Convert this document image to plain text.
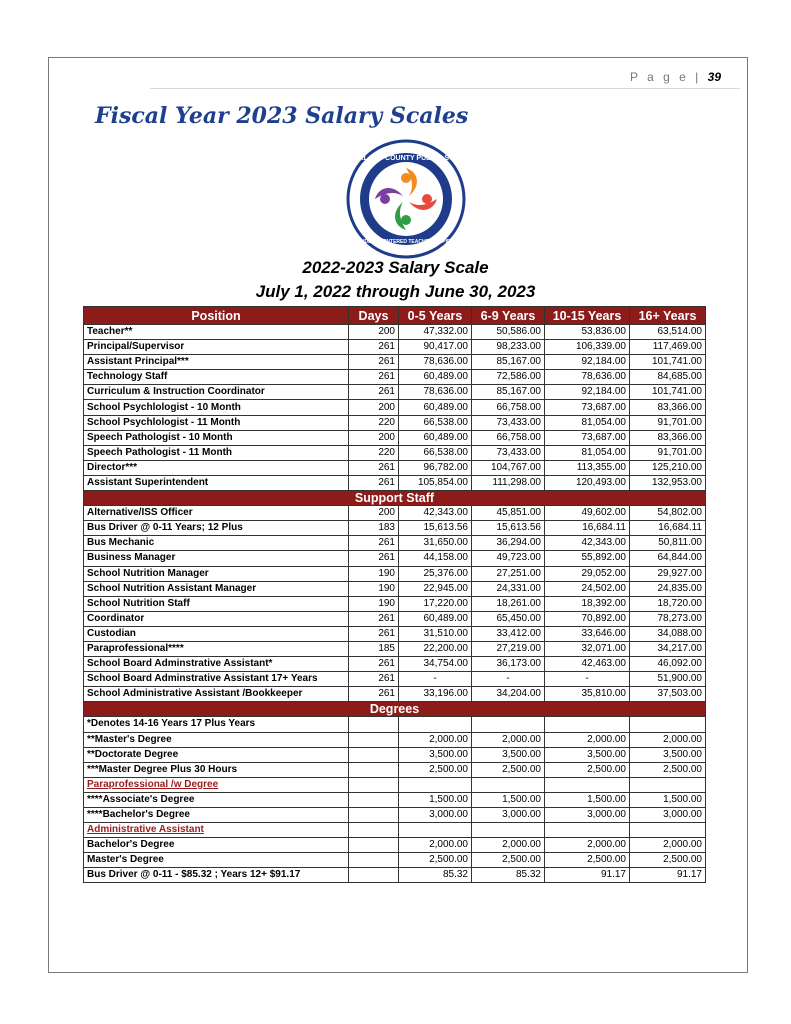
P a g e | 39
Fiscal Year 2023 Salary Scales
CUMBERLAND COUNTY PUBLIC SCHOOLS
STUDENT CENTERED TEACHER INSPIRED
2022-2023 Salary Scale
July 1, 2022 through June 30, 2023
Position	Days	0-5 Years	6-9 Years	10-15 Years	16+ Years
Teacher**	200	47,332.00	50,586.00	53,836.00	63,514.00
Principal/Supervisor	261	90,417.00	98,233.00	106,339.00	117,469.00
Assistant Principal***	261	78,636.00	85,167.00	92,184.00	101,741.00
Technology Staff	261	60,489.00	72,586.00	78,636.00	84,685.00
Curriculum & Instruction Coordinator	261	78,636.00	85,167.00	92,184.00	101,741.00
School Psychlologist - 10 Month	200	60,489.00	66,758.00	73,687.00	83,366.00
School Psychlologist - 11 Month	220	66,538.00	73,433.00	81,054.00	91,701.00
Speech Pathologist - 10 Month	200	60,489.00	66,758.00	73,687.00	83,366.00
Speech Pathologist - 11 Month	220	66,538.00	73,433.00	81,054.00	91,701.00
Director***	261	96,782.00	104,767.00	113,355.00	125,210.00
Assistant Superintendent	261	105,854.00	111,298.00	120,493.00	132,953.00
Support Staff					
Alternative/ISS Officer	200	42,343.00	45,851.00	49,602.00	54,802.00
Bus Driver @ 0-11 Years; 12 Plus	183	15,613.56	15,613.56	16,684.11	16,684.11
Bus Mechanic	261	31,650.00	36,294.00	42,343.00	50,811.00
Business Manager	261	44,158.00	49,723.00	55,892.00	64,844.00
School Nutrition Manager	190	25,376.00	27,251.00	29,052.00	29,927.00
School Nutrition Assistant Manager	190	22,945.00	24,331.00	24,502.00	24,835.00
School Nutrition Staff	190	17,220.00	18,261.00	18,392.00	18,720.00
Coordinator	261	60,489.00	65,450.00	70,892.00	78,273.00
Custodian	261	31,510.00	33,412.00	33,646.00	34,088.00
Paraprofessional****	185	22,200.00	27,219.00	32,071.00	34,217.00
School Board Adminstrative Assistant*	261	34,754.00	36,173.00	42,463.00	46,092.00
School Board Adminstrative Assistant 17+ Years	261	-	-	-	51,900.00
School Administrative Assistant /Bookkeeper	261	33,196.00	34,204.00	35,810.00	37,503.00
Degrees					
*Denotes 14-16 Years 17 Plus Years					
**Master's Degree		2,000.00	2,000.00	2,000.00	2,000.00
**Doctorate Degree		3,500.00	3,500.00	3,500.00	3,500.00
***Master Degree Plus 30 Hours		2,500.00	2,500.00	2,500.00	2,500.00
Paraprofessional /w Degree					
****Associate's Degree		1,500.00	1,500.00	1,500.00	1,500.00
****Bachelor's Degree		3,000.00	3,000.00	3,000.00	3,000.00
Administrative Assistant					
Bachelor's Degree		2,000.00	2,000.00	2,000.00	2,000.00
Master's Degree		2,500.00	2,500.00	2,500.00	2,500.00
Bus Driver @ 0-11 - $85.32 ; Years 12+ $91.17		85.32	85.32	91.17	91.17
